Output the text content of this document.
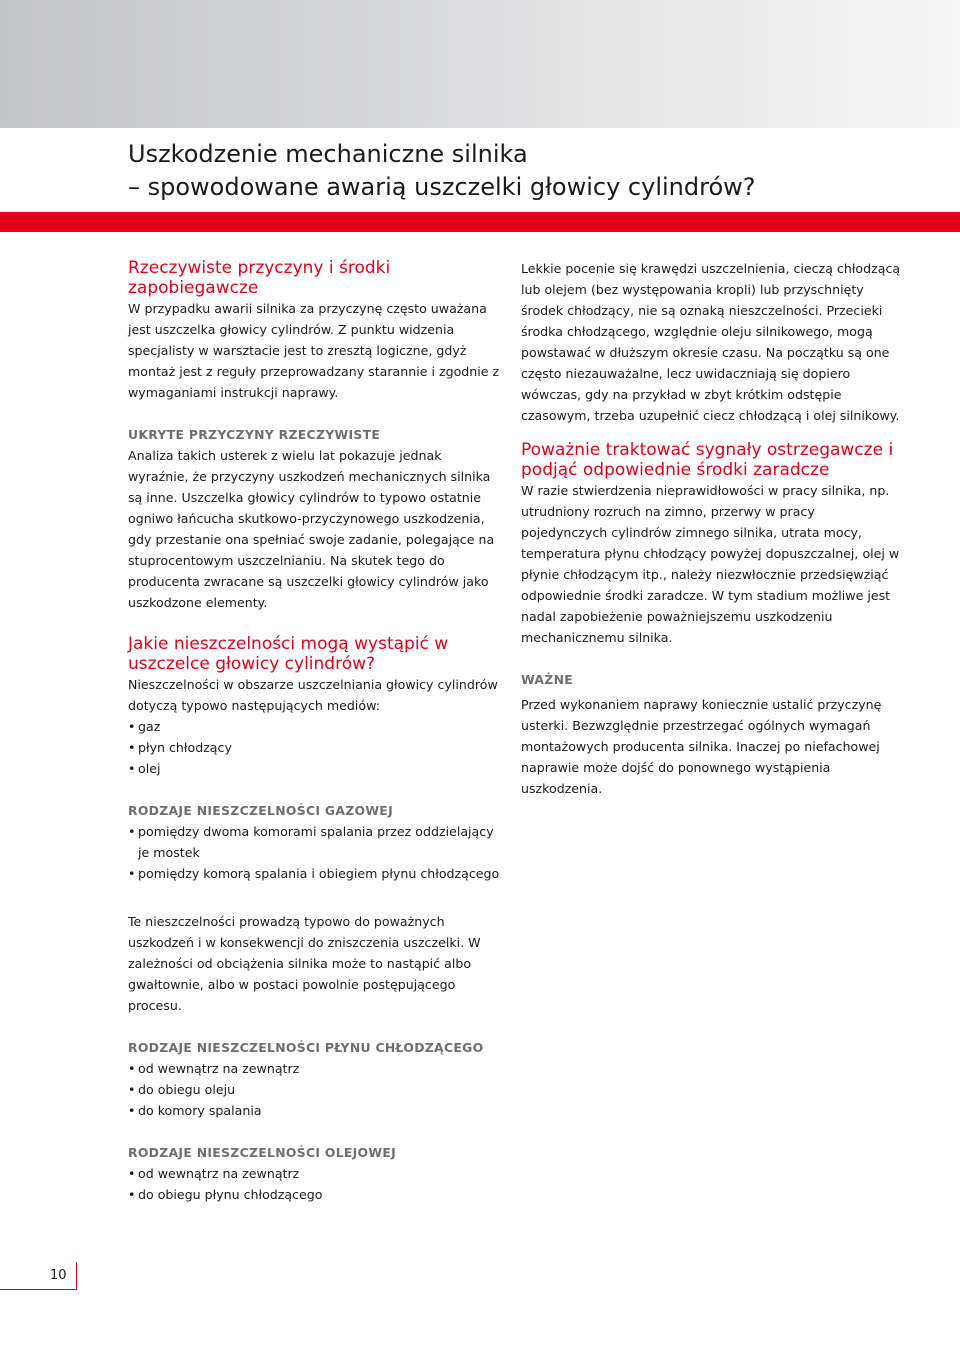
Uszkodzenie mechaniczne silnika
– spowodowane awarią uszczelki głowicy cylindrów?
Rzeczywiste przyczyny i środki zapobiegawcze

W przypadku awarii silnika za przyczynę często uważana jest uszczelka głowicy cylindrów. Z punktu widzenia specjalisty w warsztacie jest to zresztą logiczne, gdyż montaż jest z reguły przeprowadzany starannie i zgodnie z wymaganiami instrukcji naprawy.

UKRYTE PRZYCZYNY RZECZYWISTE

Analiza takich usterek z wielu lat pokazuje jednak wyraźnie, że przyczyny uszkodzeń mechanicznych silnika są inne. Uszczelka głowicy cylindrów to typowo ostatnie ogniwo łańcucha skutkowo-przyczynowego uszkodzenia, gdy przestanie ona spełniać swoje zadanie, polegające na stuprocentowym uszczelnianiu. Na skutek tego do producenta zwracane są uszczelki głowicy cylindrów jako uszkodzone elementy.

Jakie nieszczelności mogą wystąpić w uszczelce głowicy cylindrów?

Nieszczelności w obszarze uszczelniania głowicy cylindrów dotyczą typowo następujących mediów:

• gaz
• płyn chłodzący
• olej
RODZAJE NIESZCZELNOŚCI GAZOWEJ
• pomiędzy dwoma komorami spalania przez oddzielający je mostek
• pomiędzy komorą spalania i obiegiem płynu chłodzącego

Te nieszczelności prowadzą typowo do poważnych uszkodzeń i w konsekwencji do zniszczenia uszczelki. W zależności od obciążenia silnika może to nastąpić albo gwałtownie, albo w postaci powolnie postępującego procesu.

RODZAJE NIESZCZELNOŚCI PŁYNU CHŁODZĄCEGO
• od wewnątrz na zewnątrz
• do obiegu oleju
• do komory spalania
RODZAJE NIESZCZELNOŚCI OLEJOWEJ
• od wewnątrz na zewnątrz
• do obiegu płynu chłodzącego

Lekkie pocenie się krawędzi uszczelnienia, cieczą chłodzącą lub olejem (bez występowania kropli) lub przyschnięty środek chłodzący, nie są oznaką nieszczelności. Przecieki środka chłodzącego, względnie oleju silnikowego, mogą powstawać w dłuższym okresie czasu. Na początku są one często niezauważalne, lecz uwidaczniają się dopiero wówczas, gdy na przykład w zbyt krótkim odstępie czasowym, trzeba uzupełnić ciecz chłodzącą i olej silnikowy.

Poważnie traktować sygnały ostrzegawcze i podjąć odpowiednie środki zaradcze

W razie stwierdzenia nieprawidłowości w pracy silnika, np. utrudniony rozruch na zimno, przerwy w pracy pojedynczych cylindrów zimnego silnika, utrata mocy, temperatura płynu chłodzący powyżej dopuszczalnej, olej w płynie chłodzącym itp., należy niezwłocznie przedsięwziąć odpowiednie środki zaradcze. W tym stadium możliwe jest nadal zapobieżenie poważniejszemu uszkodzeniu mechanicznemu silnika.

WAŻNE

Przed wykonaniem naprawy koniecznie ustalić przyczynę usterki. Bezwzględnie przestrzegać ogólnych wymagań montażowych producenta silnika. Inaczej po niefachowej naprawie może dojść do ponownego wystąpienia uszkodzenia.

10
